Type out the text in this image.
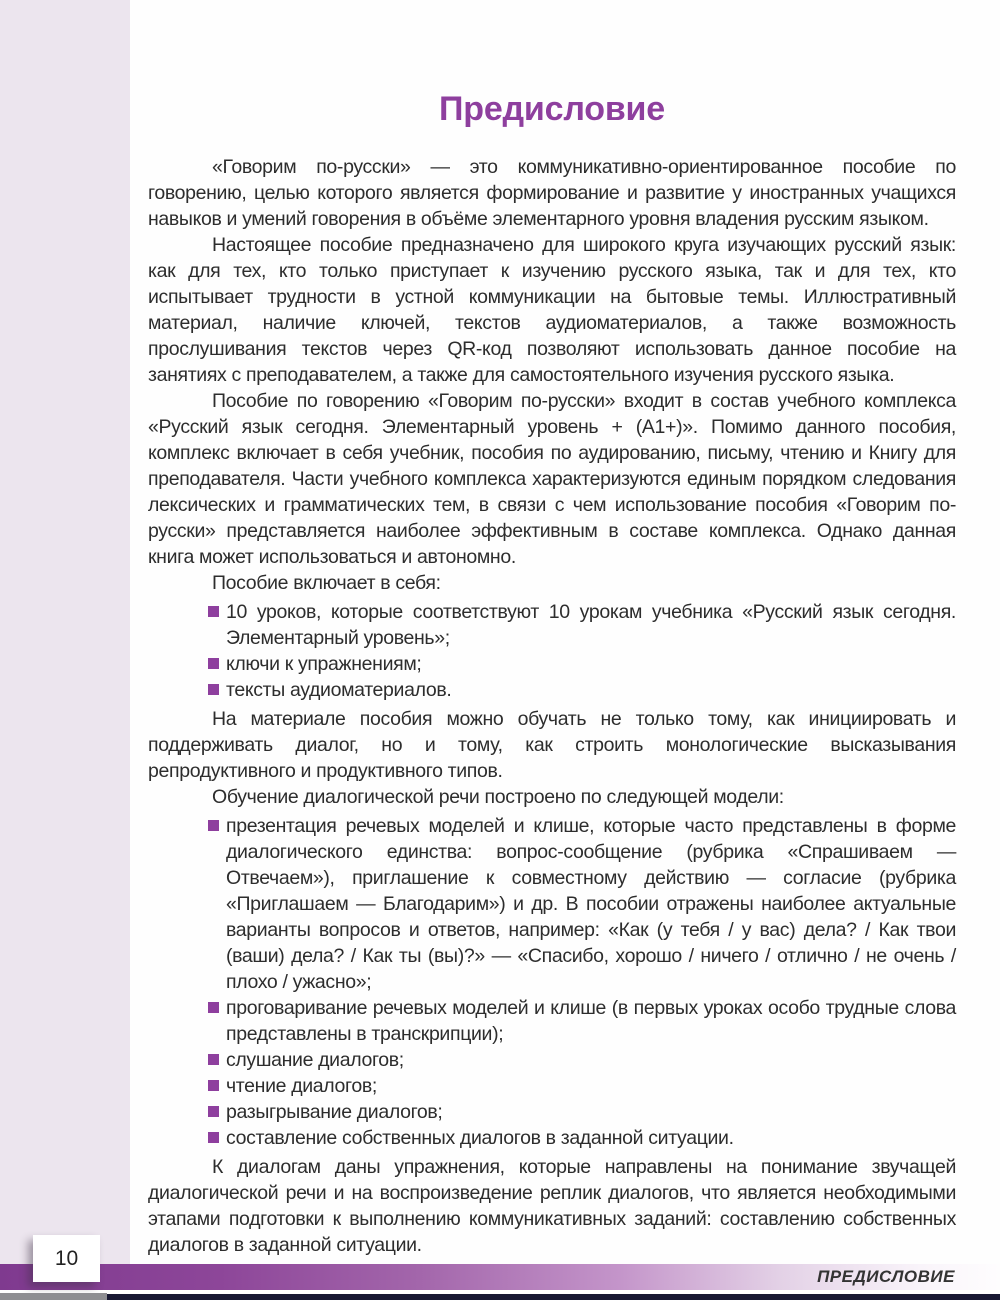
Предисловие

«Говорим по-русски» — это коммуникативно-ориентированное пособие по говорению, целью которого является формирование и развитие у иностранных учащихся навыков и умений говорения в объёме элементарного уровня владения русским языком.

Настоящее пособие предназначено для широкого круга изучающих русский язык: как для тех, кто только приступает к изучению русского языка, так и для тех, кто испытывает трудности в устной коммуникации на бытовые темы. Иллюстративный материал, наличие ключей, текстов аудиоматериалов, а также возможность прослушивания текстов через QR-код позволяют использовать данное пособие на занятиях с преподавателем, а также для самостоятельного изучения русского языка.

Пособие по говорению «Говорим по-русски» входит в состав учебного комплекса «Русский язык сегодня. Элементарный уровень + (А1+)». Помимо данного пособия, комплекс включает в себя учебник, пособия по аудированию, письму, чтению и Книгу для преподавателя. Части учебного комплекса характеризуются единым порядком следования лексических и грамматических тем, в связи с чем использование пособия «Говорим по-русски» представляется наиболее эффективным в составе комплекса. Однако данная книга может использоваться и автономно.

Пособие включает в себя:

10 уроков, которые соответствуют 10 урокам учебника «Русский язык сегодня. Элементарный уровень»;
ключи к упражнениям;
тексты аудиоматериалов.

На материале пособия можно обучать не только тому, как инициировать и поддерживать диалог, но и тому, как строить монологические высказывания репродуктивного и продуктивного типов.

Обучение диалогической речи построено по следующей модели:

презентация речевых моделей и клише, которые часто представлены в форме диалогического единства: вопрос-сообщение (рубрика «Спрашиваем — Отвечаем»), приглашение к совместному действию — согласие (рубрика «Приглашаем — Благодарим») и др. В пособии отражены наиболее актуальные варианты вопросов и ответов, например: «Как (у тебя / у вас) дела? / Как твои (ваши) дела? / Как ты (вы)?» — «Спасибо, хорошо / ничего / отлично / не очень / плохо / ужасно»;
проговаривание речевых моделей и клише (в первых уроках особо трудные слова представлены в транскрипции);
слушание диалогов;
чтение диалогов;
разыгрывание диалогов;
составление собственных диалогов в заданной ситуации.

К диалогам даны упражнения, которые направлены на понимание звучащей диалогической речи и на воспроизведение реплик диалогов, что является необходимыми этапами подготовки к выполнению коммуникативных заданий: составлению собственных диалогов в заданной ситуации.

ПРЕДИСЛОВИЕ
10
